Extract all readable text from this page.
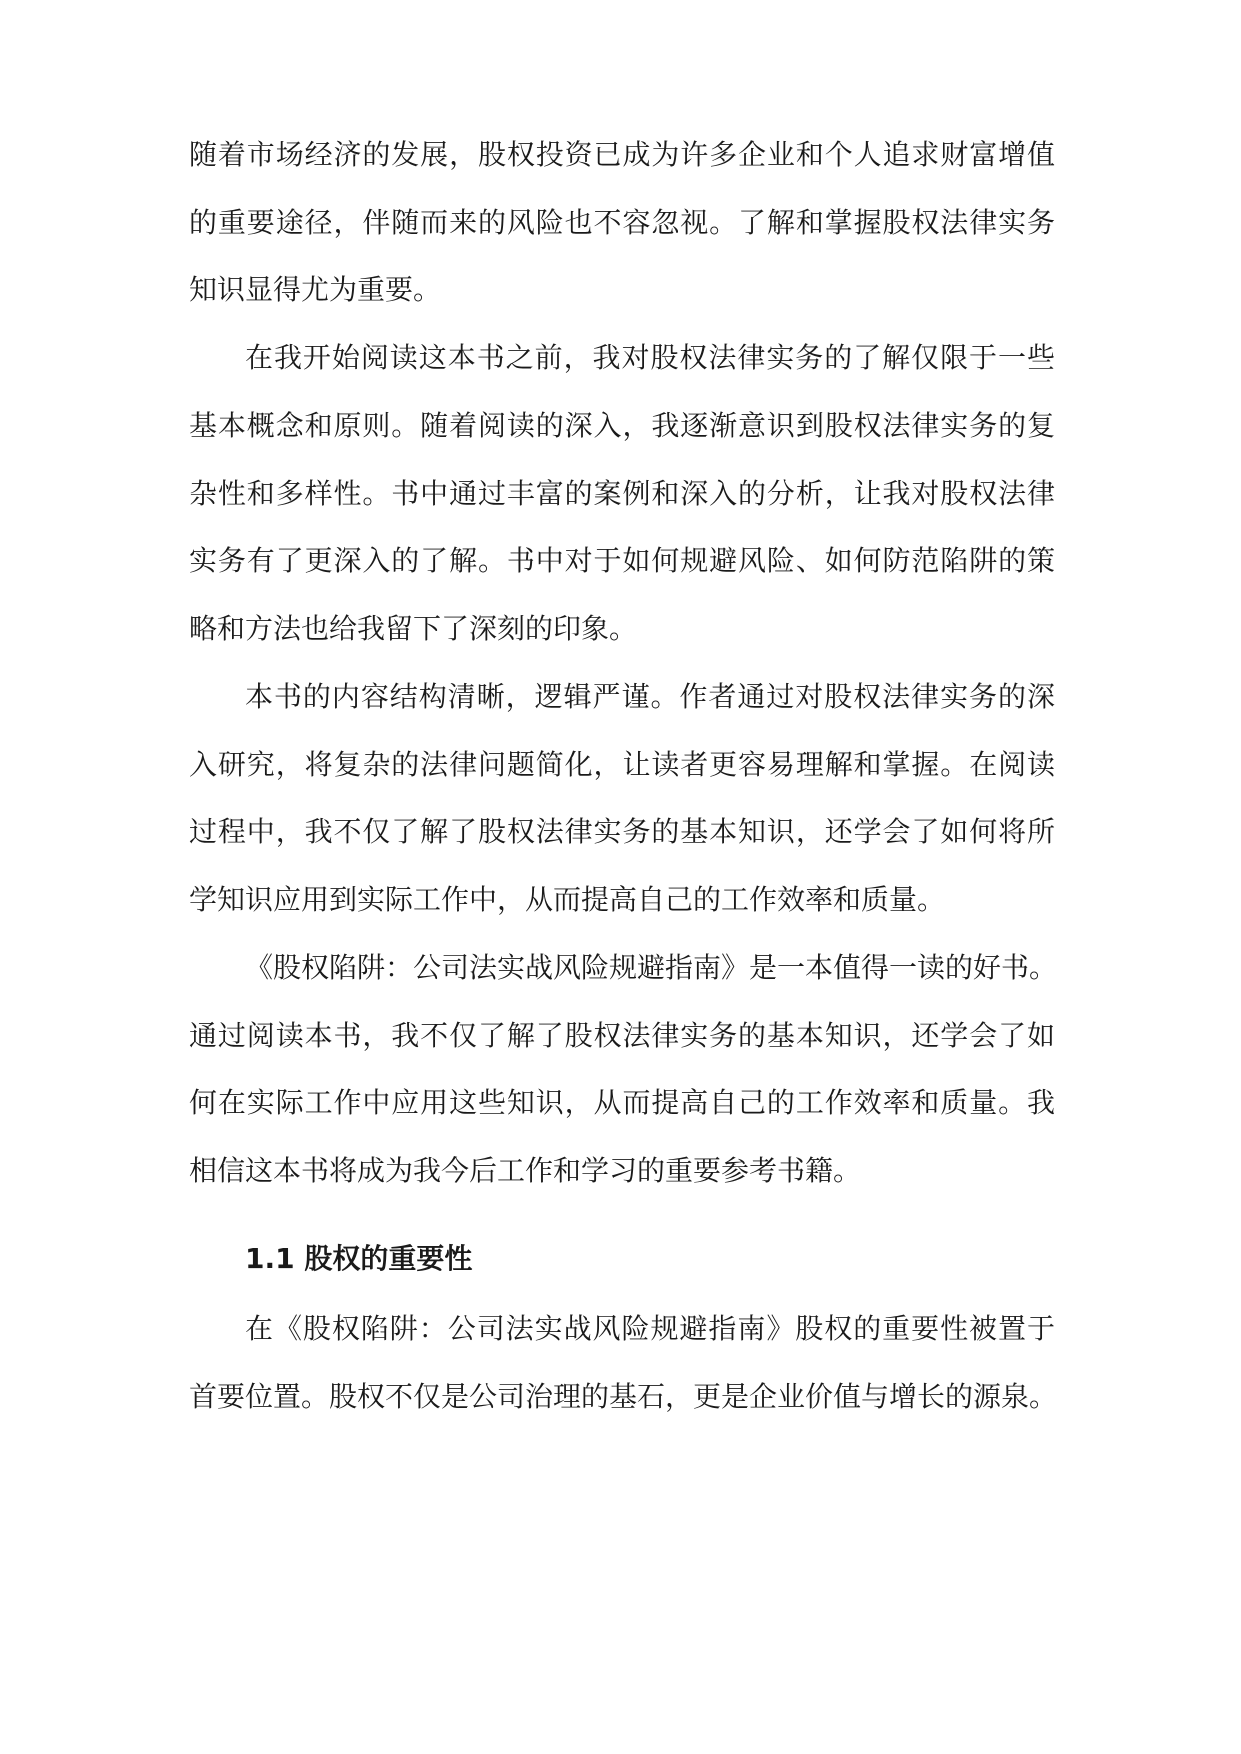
随着市场经济的发展，股权投资已成为许多企业和个人追求财富增值
的重要途径，伴随而来的风险也不容忽视。了解和掌握股权法律实务
知识显得尤为重要。
在我开始阅读这本书之前，我对股权法律实务的了解仅限于一些
基本概念和原则。随着阅读的深入，我逐渐意识到股权法律实务的复
杂性和多样性。书中通过丰富的案例和深入的分析，让我对股权法律
实务有了更深入的了解。书中对于如何规避风险、如何防范陷阱的策
略和方法也给我留下了深刻的印象。
本书的内容结构清晰，逻辑严谨。作者通过对股权法律实务的深
入研究，将复杂的法律问题简化，让读者更容易理解和掌握。在阅读
过程中，我不仅了解了股权法律实务的基本知识，还学会了如何将所
学知识应用到实际工作中，从而提高自己的工作效率和质量。
《股权陷阱：公司法实战风险规避指南》是一本值得一读的好书。
通过阅读本书，我不仅了解了股权法律实务的基本知识，还学会了如
何在实际工作中应用这些知识，从而提高自己的工作效率和质量。我
相信这本书将成为我今后工作和学习的重要参考书籍。
1.1 股权的重要性
在《股权陷阱：公司法实战风险规避指南》股权的重要性被置于
首要位置。股权不仅是公司治理的基石，更是企业价值与增长的源泉。
